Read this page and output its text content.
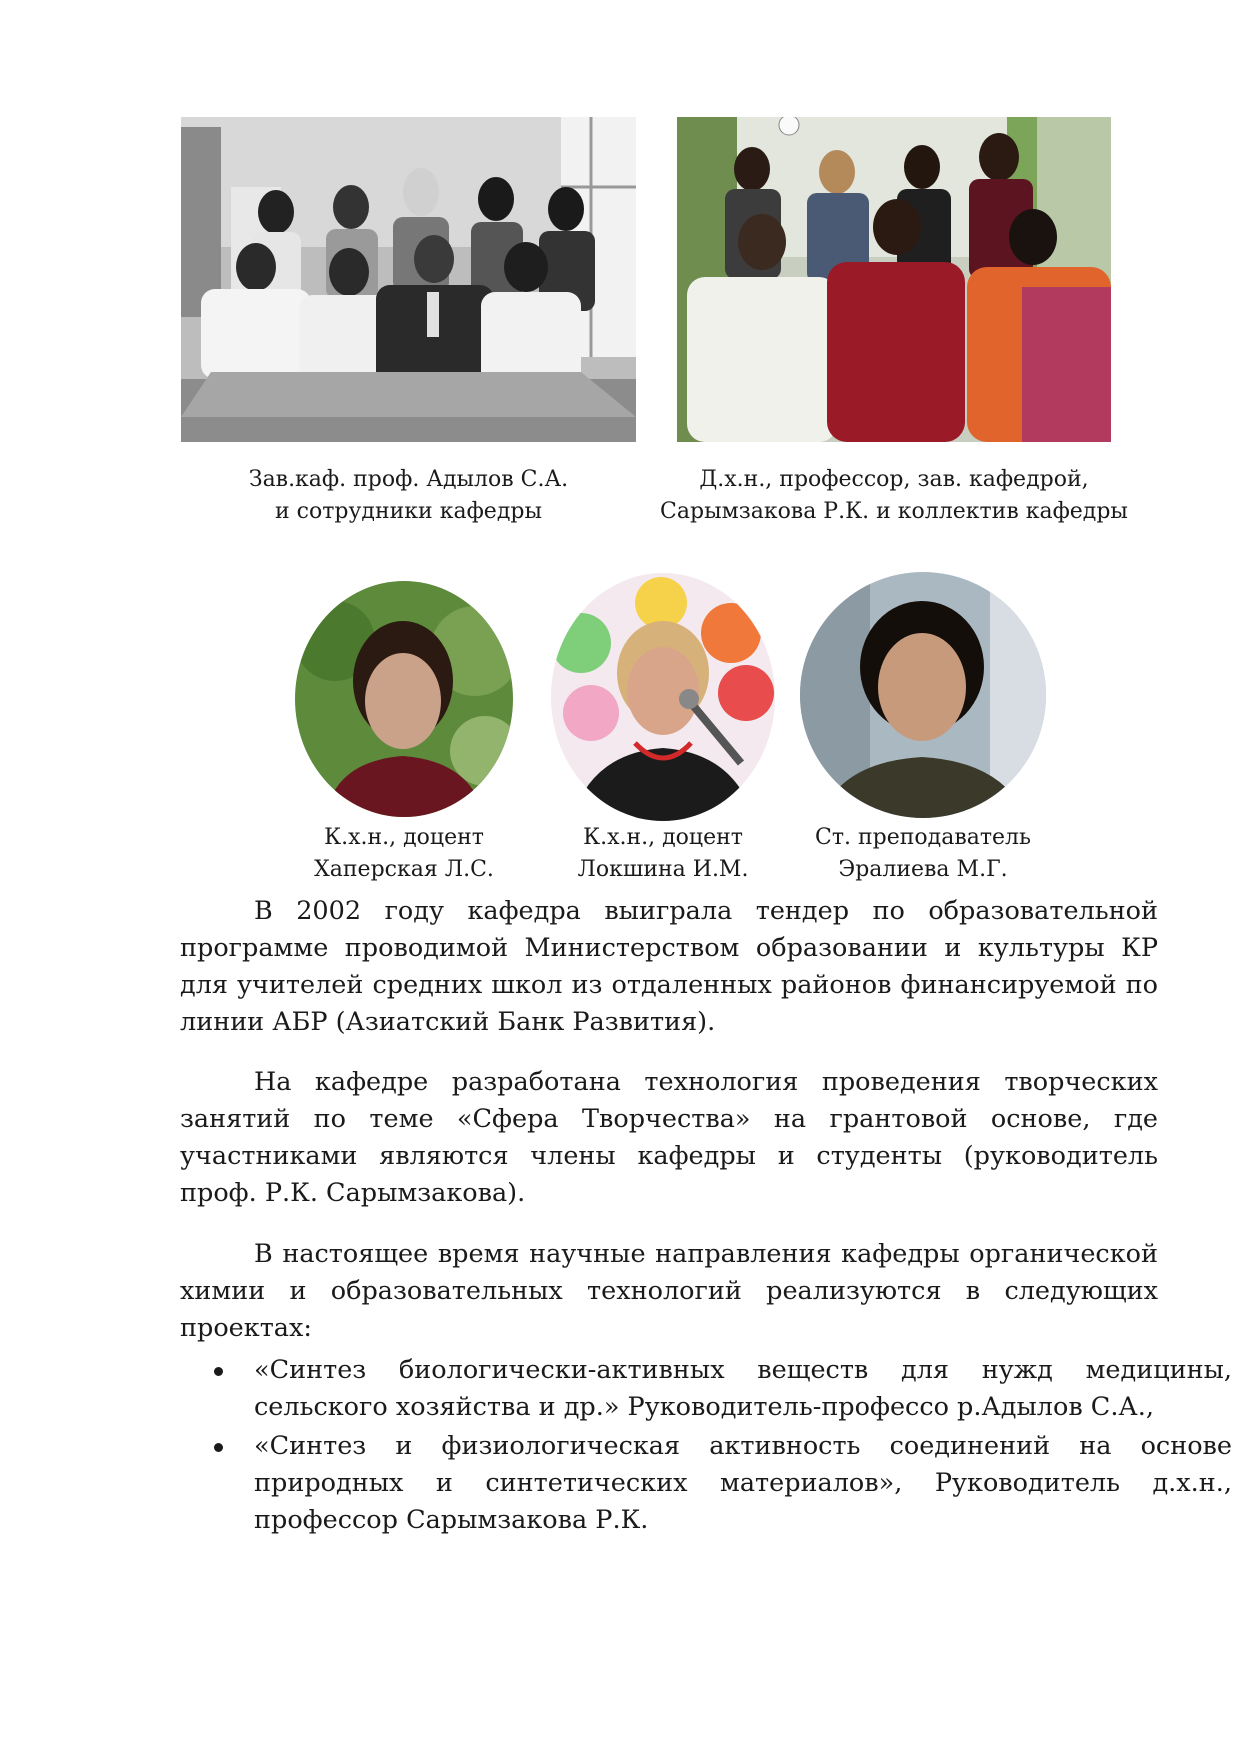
Зав.каф. проф. Адылов С.А.
и сотрудники кафедры

Д.х.н., профессор, зав. кафедрой,
Сарымзакова Р.К. и коллектив кафедры

К.х.н., доцент
Хаперская Л.С.

К.х.н., доцент
Локшина И.М.

Ст. преподаватель
Эралиева М.Г.

В 2002 году кафедра выиграла тендер по образовательной программе проводимой Министерством образовании и культуры КР для учителей средних школ из отдаленных районов финансируемой по линии АБР (Азиатский Банк Развития).

На кафедре разработана технология проведения творческих занятий по теме «Сфера Творчества» на грантовой основе, где участниками являются члены кафедры и студенты (руководитель проф. Р.К. Сарымзакова).

В настоящее время научные направления кафедры органической химии и образовательных технологий реализуются в следующих проектах:

«Синтез биологически-активных веществ для нужд медицины, сельского хозяйства и др.» Руководитель-профессо р.Адылов С.А.,
«Синтез и физиологическая активность соединений на основе природных и синтетических материалов», Руководитель д.х.н., профессор Сарымзакова Р.К.
